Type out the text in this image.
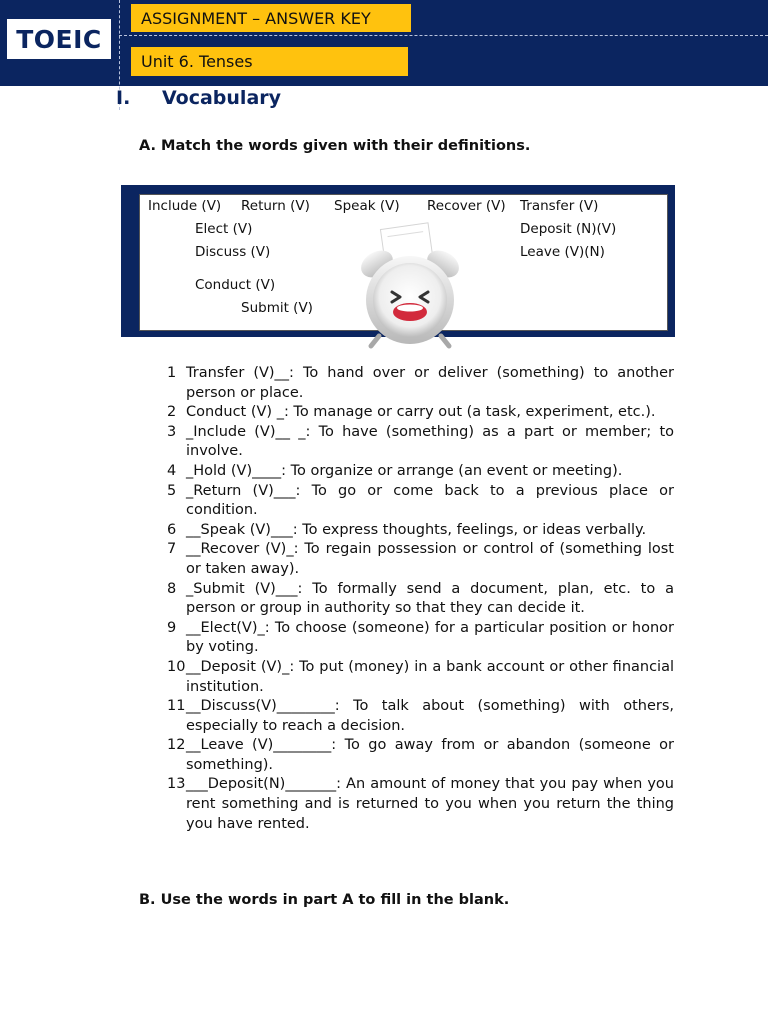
TOEIC
ASSIGNMENT – ANSWER KEY
Unit 6. Tenses
I. Vocabulary
A. Match the words given with their definitions.
Include (V) Return (V) Speak (V) Recover (V) Transfer (V)
Elect (V)	Deposit (N)(V)
Discuss (V)	Leave (V)(N)
Conduct (V)
Submit (V)
1 Transfer (V)__: To hand over or deliver (something) to another person or place.
2 Conduct (V) _: To manage or carry out (a task, experiment, etc.).
3 _Include (V)__ _: To have (something) as a part or member; to involve.
4 _Hold (V)____: To organize or arrange (an event or meeting).
5 _Return (V)___: To go or come back to a previous place or condition.
6 __Speak (V)___: To express thoughts, feelings, or ideas verbally.
7 __Recover (V)_: To regain possession or control of (something lost or taken away).
8 _Submit (V)___: To formally send a document, plan, etc. to a person or group in authority so that they can decide it.
9 __Elect(V)_: To choose (someone) for a particular position or honor by voting.
10 __Deposit (V)_: To put (money) in a bank account or other financial institution.
11 __Discuss(V)________: To talk about (something) with others, especially to reach a decision.
12 __Leave (V)________: To go away from or abandon (someone or something).
13 ___Deposit(N)_______: An amount of money that you pay when you rent something and is returned to you when you return the thing you have rented.
B. Use the words in part A to fill in the blank.
